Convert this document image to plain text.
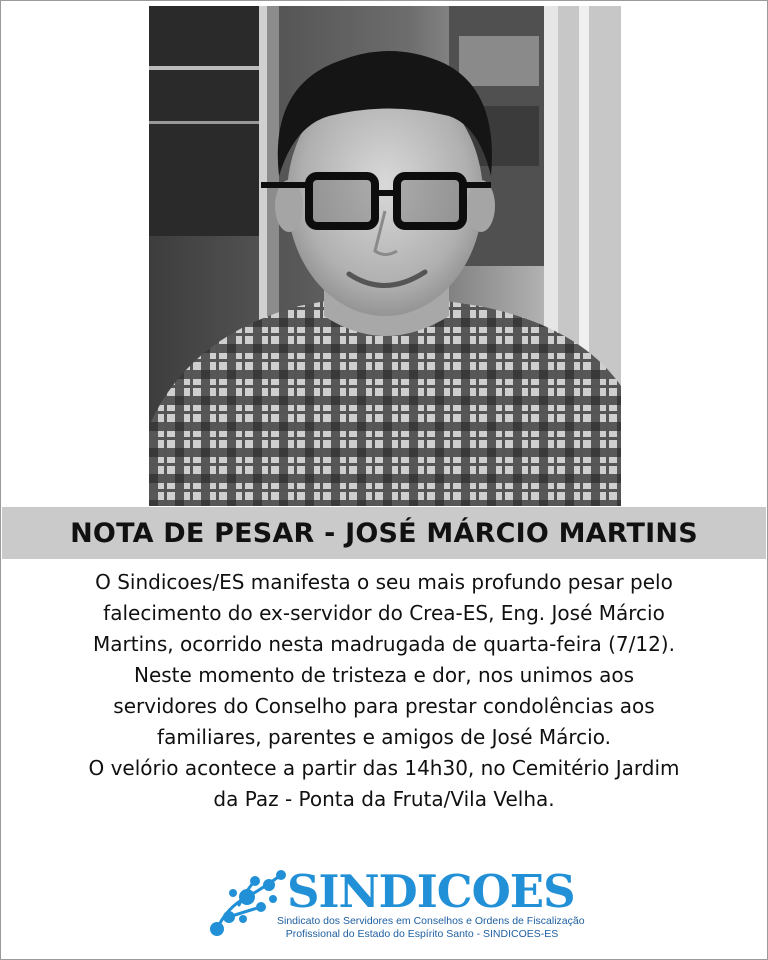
NOTA DE PESAR - JOSÉ MÁRCIO MARTINS

O Sindicoes/ES manifesta o seu mais profundo pesar pelo

falecimento do ex-servidor do Crea-ES, Eng. José Márcio

Martins, ocorrido nesta madrugada de quarta-feira (7/12).

Neste momento de tristeza e dor, nos unimos aos

servidores do Conselho para prestar condolências aos

familiares, parentes e amigos de José Márcio.

O velório acontece a partir das 14h30, no Cemitério Jardim

da Paz - Ponta da Fruta/Vila Velha.

SINDICOES
Sindicato dos Servidores em Conselhos e Ordens de Fiscalização
Profissional do Estado do Espírito Santo - SINDICOES-ES
